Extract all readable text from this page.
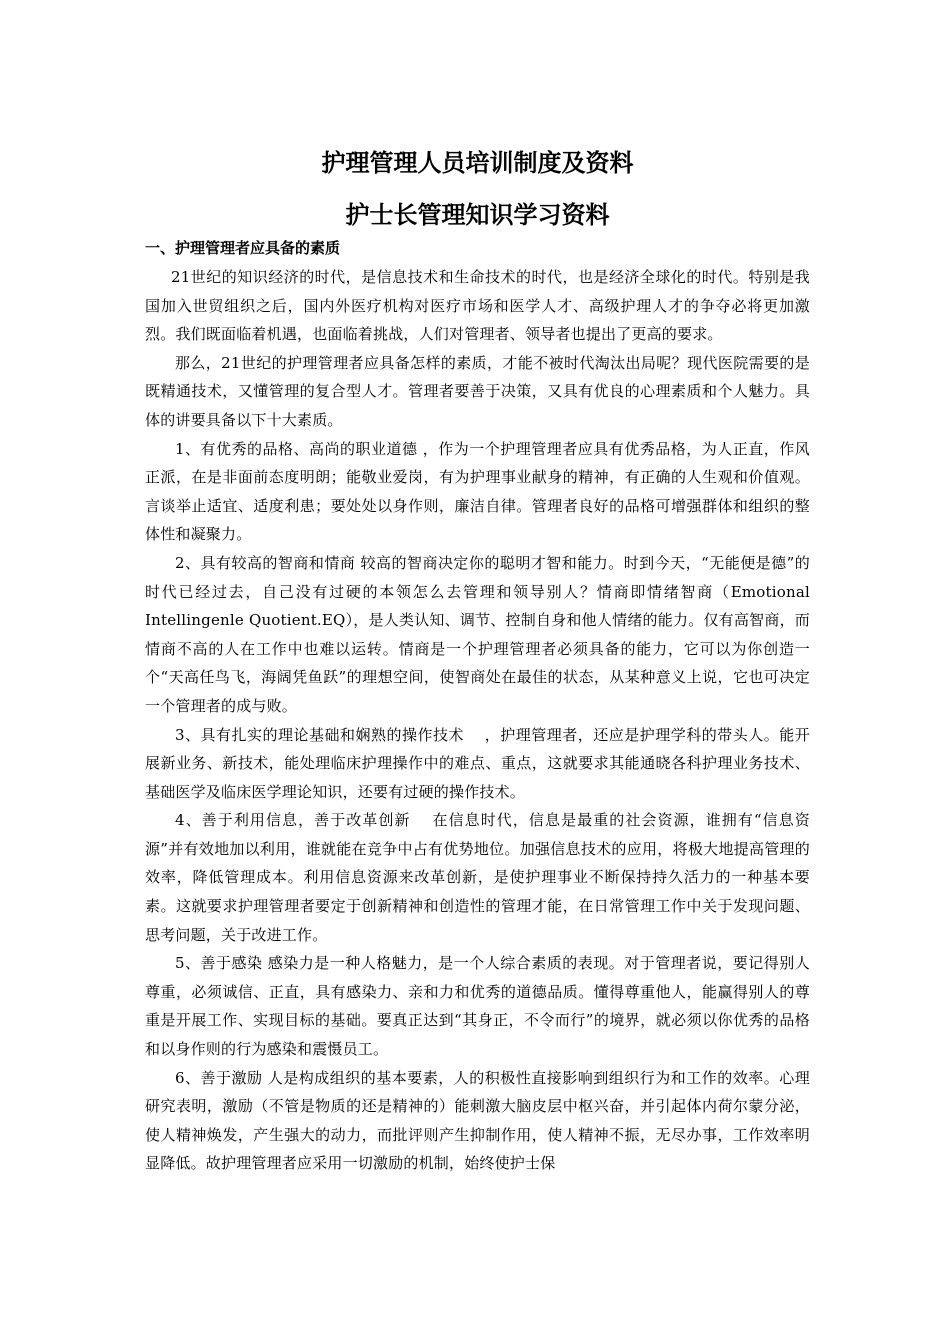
护理管理人员培训制度及资料
护士长管理知识学习资料
一、护理管理者应具备的素质

21世纪的知识经济的时代，是信息技术和生命技术的时代，也是经济全球化的时代。特别是我国加入世贸组织之后，国内外医疗机构对医疗市场和医学人才、高级护理人才的争夺必将更加激烈。我们既面临着机遇，也面临着挑战，人们对管理者、领导者也提出了更高的要求。

那么，21世纪的护理管理者应具备怎样的素质，才能不被时代淘汰出局呢？现代医院需要的是既精通技术，又懂管理的复合型人才。管理者要善于决策，又具有优良的心理素质和个人魅力。具体的讲要具备以下十大素质。

1、有优秀的品格、高尚的职业道德 ，作为一个护理管理者应具有优秀品格，为人正直，作风正派，在是非面前态度明朗；能敬业爱岗，有为护理事业献身的精神，有正确的人生观和价值观。言谈举止适宜、适度利患；要处处以身作则，廉洁自律。管理者良好的品格可增强群体和组织的整体性和凝聚力。

2、具有较高的智商和情商 较高的智商决定你的聪明才智和能力。时到今天，“无能便是德”的时代已经过去，自己没有过硬的本领怎么去管理和领导别人？情商即情绪智商（Emotional Intellingenle Quotient.EQ），是人类认知、调节、控制自身和他人情绪的能力。仅有高智商，而情商不高的人在工作中也难以运转。情商是一个护理管理者必须具备的能力，它可以为你创造一个“天高任鸟飞，海阔凭鱼跃”的理想空间，使智商处在最佳的状态，从某种意义上说，它也可决定一个管理者的成与败。

3、具有扎实的理论基础和娴熟的操作技术　 ，护理管理者，还应是护理学科的带头人。能开展新业务、新技术，能处理临床护理操作中的难点、重点，这就要求其能通晓各科护理业务技术、基础医学及临床医学理论知识，还要有过硬的操作技术。

4、善于利用信息，善于改革创新　 在信息时代，信息是最重的社会资源，谁拥有“信息资源”并有效地加以利用，谁就能在竞争中占有优势地位。加强信息技术的应用，将极大地提高管理的效率，降低管理成本。利用信息资源来改革创新，是使护理事业不断保持持久活力的一种基本要素。这就要求护理管理者要定于创新精神和创造性的管理才能，在日常管理工作中关于发现问题、思考问题，关于改进工作。

5、善于感染 感染力是一种人格魅力，是一个人综合素质的表现。对于管理者说，要记得别人尊重，必须诚信、正直，具有感染力、亲和力和优秀的道德品质。懂得尊重他人，能赢得别人的尊重是开展工作、实现目标的基础。要真正达到“其身正，不令而行”的境界，就必须以你优秀的品格和以身作则的行为感染和震慑员工。

6、善于激励 人是构成组织的基本要素，人的积极性直接影响到组织行为和工作的效率。心理研究表明，激励（不管是物质的还是精神的）能刺激大脑皮层中枢兴奋，并引起体内荷尔蒙分泌，使人精神焕发，产生强大的动力，而批评则产生抑制作用，使人精神不振，无尽办事，工作效率明显降低。故护理管理者应采用一切激励的机制，始终使护士保
